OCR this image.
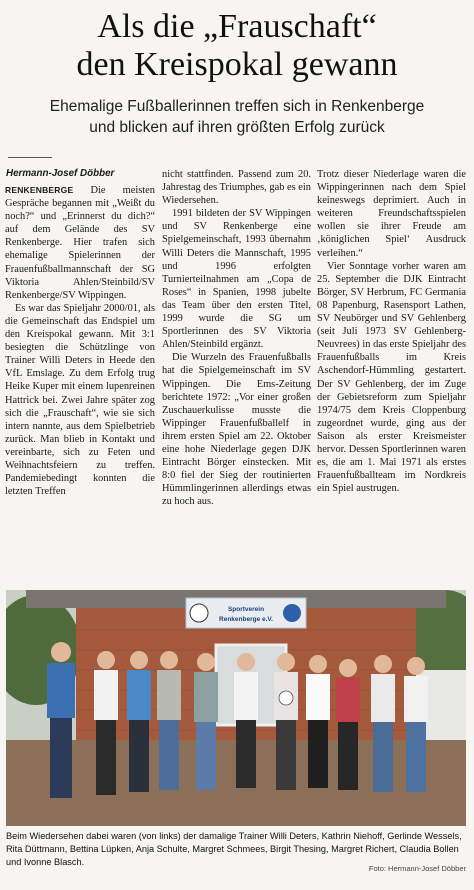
Als die „Frauschaft“
den Kreispokal gewann
Ehemalige Fußballerinnen treffen sich in Renkenberge
und blicken auf ihren größten Erfolg zurück
Hermann-Josef Döbber

RENKENBERGE Die meisten Gespräche begannen mit „Weißt du noch?“ und „Erinnerst du dich?“ auf dem Gelände des SV Renkenberge. Hier trafen sich ehemalige Spielerinnen der Frauenfußballmannschaft der SG Viktoria Ahlen/Steinbild/SV Renkenberge/SV Wippingen.

Es war das Spieljahr 2000/01, als die Gemeinschaft das Endspiel um den Kreispokal gewann. Mit 3:1 besiegten die Schützlinge von Trainer Willi Deters in Heede den VfL Emslage. Zu dem Erfolg trug Heike Kuper mit einem lupenreinen Hattrick bei. Zwei Jahre später zog sich die „Frauschaft“, wie sie sich intern nannte, aus dem Spielbetrieb zurück. Man blieb in Kontakt und vereinbarte, sich zu Feten und Weihnachtsfeiern zu treffen. Pandemiebedingt konnten die letzten Treffen

nicht stattfinden. Passend zum 20. Jahrestag des Triumphes, gab es ein Wiedersehen.

1991 bildeten der SV Wippingen und SV Renkenberge eine Spielgemeinschaft, 1993 übernahm Willi Deters die Mannschaft, 1995 und 1996 erfolgten Turnierteilnahmen am „Copa de Roses“ in Spanien, 1998 jubelte das Team über den ersten Titel, 1999 wurde die SG um Sportlerinnen des SV Viktoria Ahlen/Steinbild ergänzt.

Die Wurzeln des Frauenfußballs hat die Spielgemeinschaft im SV Wippingen. Die Ems-Zeitung berichtete 1972: „Vor einer großen Zuschauerkulisse musste die Wippinger Frauenfußballelf in ihrem ersten Spiel am 22. Oktober eine hohe Niederlage gegen DJK Eintracht Börger einstecken. Mit 8:0 fiel der Sieg der routinierten Hümmlingerinnen allerdings etwas zu hoch aus.

Trotz dieser Niederlage waren die Wippingerinnen nach dem Spiel keineswegs deprimiert. Auch in weiteren Freundschaftsspielen wollen sie ihrer Freude am ‚königlichen Spiel‘ Ausdruck verleihen.“

Vier Sonntage vorher waren am 25. September die DJK Eintracht Börger, SV Herbrum, FC Germania 08 Papenburg, Rasensport Lathen, SV Neubörger und SV Gehlenberg (seit Juli 1973 SV Gehlenberg-Neuvrees) in das erste Spieljahr des Frauenfußballs im Kreis Aschendorf-Hümmling gestartert. Der SV Gehlenberg, der im Zuge der Gebietsreform zum Spieljahr 1974/75 dem Kreis Cloppenburg zugeordnet wurde, ging aus der Saison als erster Kreismeister hervor. Dessen Sportlerinnen waren es, die am 1. Mai 1971 als erstes Frauenfußballteam im Nordkreis ein Spiel austrugen.

Sportverein
Renkenberge e.V.
Beim Wiedersehen dabei waren (von links) der damalige Trainer Willi Deters, Kathrin Niehoff, Gerlinde Wessels, Rita Düttmann, Bettina Lüpken, Anja Schulte, Margret Schmees, Birgit Thesing, Margret Richert, Claudia Bollen und Ivonne Blasch.
Foto: Hermann-Josef Döbber
